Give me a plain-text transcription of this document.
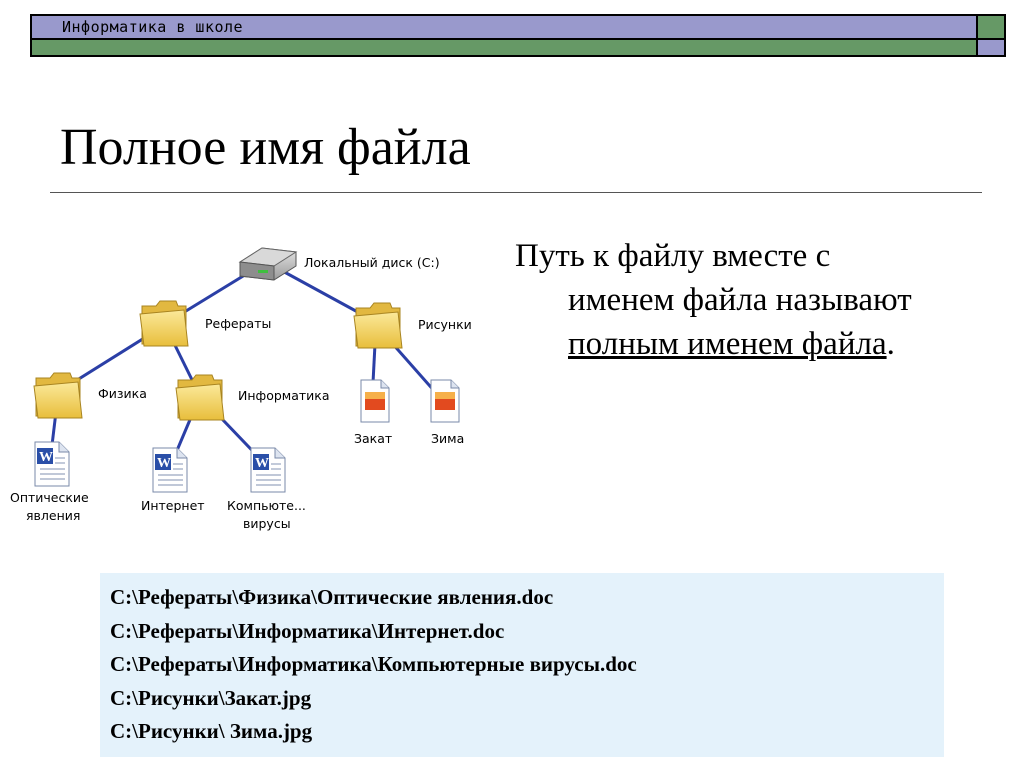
Информатика в школе
Полное имя файла
Путь к файлу вместе с
именем файла называют
полным именем файла.
Локальный диск (C:)
Рефераты	Рисунки
Физика	Информатика
Закат	Зима
W
Оптические
явления
W
Интернет
W
Компьюте...
вирусы
C:\Рефераты\Физика\Оптические явления.doc
C:\Рефераты\Информатика\Интернет.doc
C:\Рефераты\Информатика\Компьютерные вирусы.doc
C:\Рисунки\Закат.jpg
C:\Рисунки\ Зима.jpg
